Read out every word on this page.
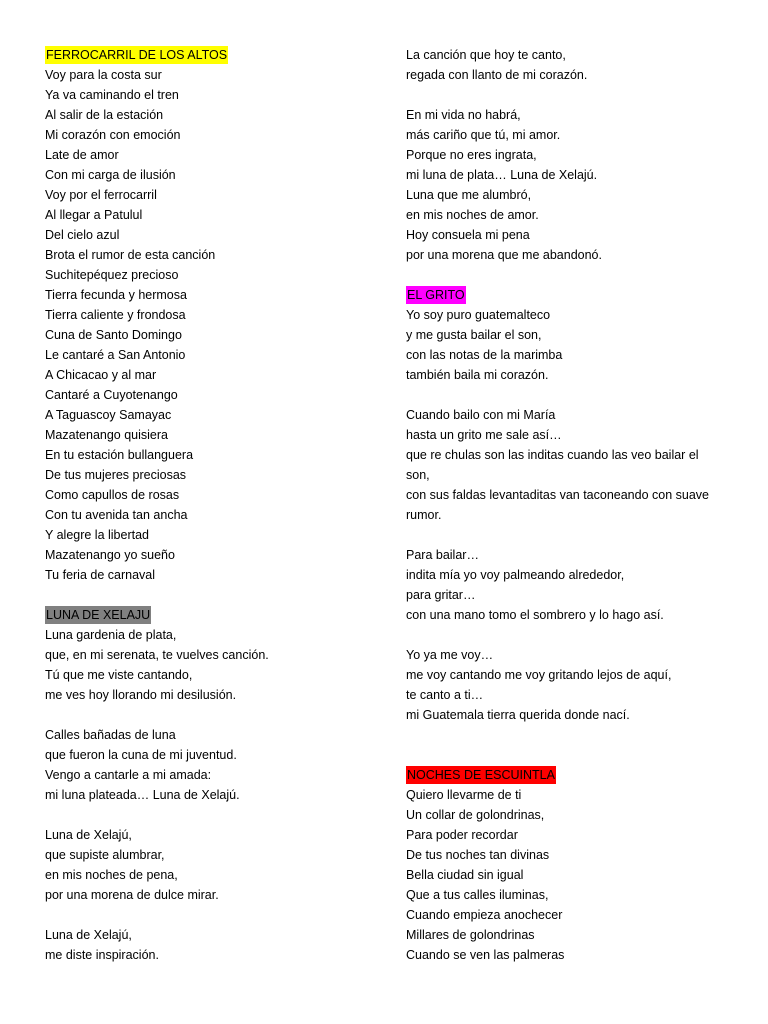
FERROCARRIL DE LOS ALTOS
Voy para la costa sur
Ya va caminando el tren
Al salir de la estación
Mi corazón con emoción
Late de amor
Con mi carga de ilusión
Voy por el ferrocarril
Al llegar a Patulul
Del cielo azul
Brota el rumor de esta canción
Suchitepéquez precioso
Tierra fecunda y hermosa
Tierra caliente y frondosa
Cuna de Santo Domingo
Le cantaré a San Antonio
A Chicacao y al mar
Cantaré a Cuyotenango
A Taguascoy Samayac
Mazatenango quisiera
En tu estación bullanguera
De tus mujeres preciosas
Como capullos de rosas
Con tu avenida tan ancha
Y alegre la libertad
Mazatenango yo sueño
Tu feria de carnaval
LUNA DE XELAJU
Luna gardenia de plata,
que, en mi serenata, te vuelves canción.
Tú que me viste cantando,
me ves hoy llorando mi desilusión.
Calles bañadas de luna
que fueron la cuna de mi juventud.
Vengo a cantarle a mi amada:
mi luna plateada… Luna de Xelajú.
Luna de Xelajú,
que supiste alumbrar,
en mis noches de pena,
por una morena de dulce mirar.
Luna de Xelajú,
me diste inspiración.
La canción que hoy te canto,
regada con llanto de mi corazón.
En mi vida no habrá,
más cariño que tú, mi amor.
Porque no eres ingrata,
mi luna de plata… Luna de Xelajú.
Luna que me alumbró,
en mis noches de amor.
Hoy consuela mi pena
por una morena que me abandonó.
EL GRITO
Yo soy puro guatemalteco
y me gusta bailar el son,
con las notas de la marimba
también baila mi corazón.
Cuando bailo con mi María
hasta un grito me sale así…
que re chulas son las inditas cuando las veo bailar el
son,
con sus faldas levantaditas van taconeando con suave
rumor.
Para bailar…
indita mía yo voy palmeando alrededor,
para gritar…
con una mano tomo el sombrero y lo hago así.
Yo ya me voy…
me voy cantando me voy gritando lejos de aquí,
te canto a ti…
mi Guatemala tierra querida donde nací.
NOCHES DE ESCUINTLA
Quiero llevarme de ti
Un collar de golondrinas,
Para poder recordar
De tus noches tan divinas
Bella ciudad sin igual
Que a tus calles iluminas,
Cuando empieza anochecer
Millares de golondrinas
Cuando se ven las palmeras
